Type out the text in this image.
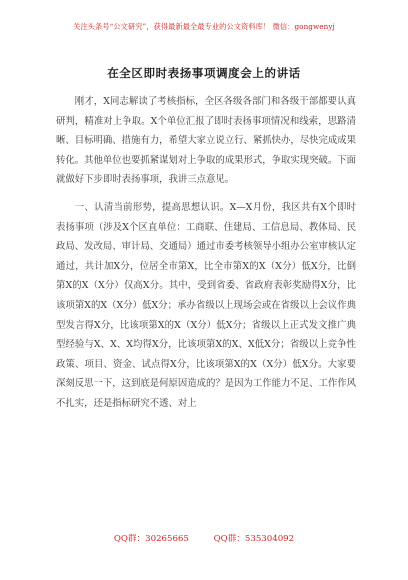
关注头条号“公文研究”，获得最新最全最专业的公文资料库！ 微信：gongwenyj
在全区即时表扬事项调度会上的讲话

刚才，X同志解读了考核指标，全区各级各部门和各级干部都要认真研判，精准对上争取。X个单位汇报了即时表扬事项情况和线索，思路清晰、目标明确、措施有力，希望大家立说立行、紧抓快办，尽快完成成果转化。其他单位也要抓紧谋划对上争取的成果形式，争取实现突破。下面就做好下步即时表扬事项，我讲三点意见。

一、认清当前形势，提高思想认识。X—X月份，我区共有X个即时表扬事项（涉及X个区直单位：工商联、住建局、工信息局、教体局、民政局、发改局、审计局、交通局）通过市委考核领导小组办公室审核认定通过，共计加X分，位居全市第X，比全市第X的X（X分）低X分，比倒第X的X（X分）仅高X分。其中，受到省委、省政府表彰奖励得X分，比该项第X的X（X分）低X分；承办省级以上现场会或在省级以上会议作典型发言得X分，比该项第X的X（X分）低X分；省级以上正式发文推广典型经验与X、X、X均得X分，比该项第X的X、X低X分；省级以上竞争性政策、项目、资金、试点得X分，比该项第X的X（X分）低X分。大家要深刻反思一下，这到底是何原因造成的？是因为工作能力不足、工作作风不扎实，还是指标研究不透、对上

QQ群：30265665	QQ群：535304092
